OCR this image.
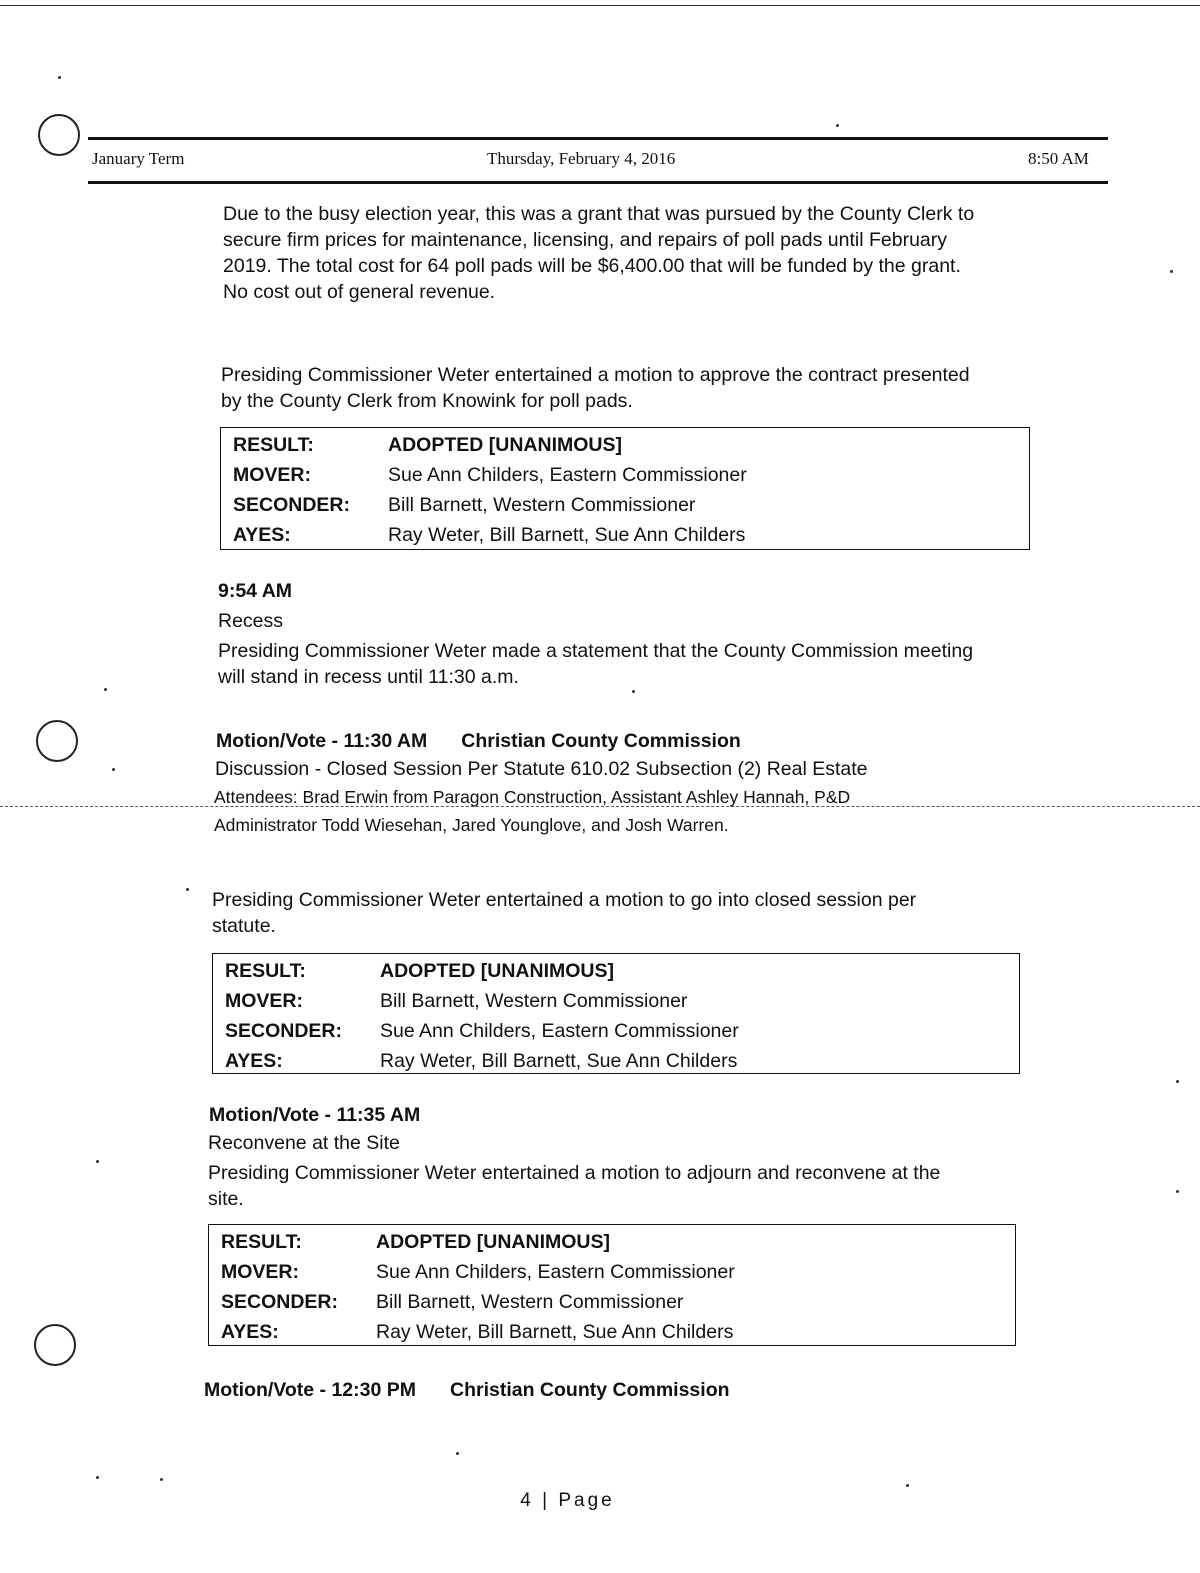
January Term	Thursday, February 4, 2016	8:50 AM
Due to the busy election year, this was a grant that was pursued by the County Clerk to
secure firm prices for maintenance, licensing, and repairs of poll pads until February
2019. The total cost for 64 poll pads will be $6,400.00 that will be funded by the grant.
No cost out of general revenue.
Presiding Commissioner Weter entertained a motion to approve the contract presented
by the County Clerk from Knowink for poll pads.
RESULT:	ADOPTED [UNANIMOUS]
MOVER:	Sue Ann Childers, Eastern Commissioner
SECONDER:	Bill Barnett, Western Commissioner
AYES:	Ray Weter, Bill Barnett, Sue Ann Childers
9:54 AM
Recess
Presiding Commissioner Weter made a statement that the County Commission meeting
will stand in recess until 11:30 a.m.
Motion/Vote - 11:30 AM Christian County Commission
Discussion - Closed Session Per Statute 610.02 Subsection (2) Real Estate
Attendees: Brad Erwin from Paragon Construction, Assistant Ashley Hannah, P&D
Administrator Todd Wiesehan, Jared Younglove, and Josh Warren.
Presiding Commissioner Weter entertained a motion to go into closed session per
statute.
RESULT:	ADOPTED [UNANIMOUS]
MOVER:	Bill Barnett, Western Commissioner
SECONDER:	Sue Ann Childers, Eastern Commissioner
AYES:	Ray Weter, Bill Barnett, Sue Ann Childers
Motion/Vote - 11:35 AM
Reconvene at the Site
Presiding Commissioner Weter entertained a motion to adjourn and reconvene at the
site.
RESULT:	ADOPTED [UNANIMOUS]
MOVER:	Sue Ann Childers, Eastern Commissioner
SECONDER:	Bill Barnett, Western Commissioner
AYES:	Ray Weter, Bill Barnett, Sue Ann Childers
Motion/Vote - 12:30 PM Christian County Commission
4 | Page
